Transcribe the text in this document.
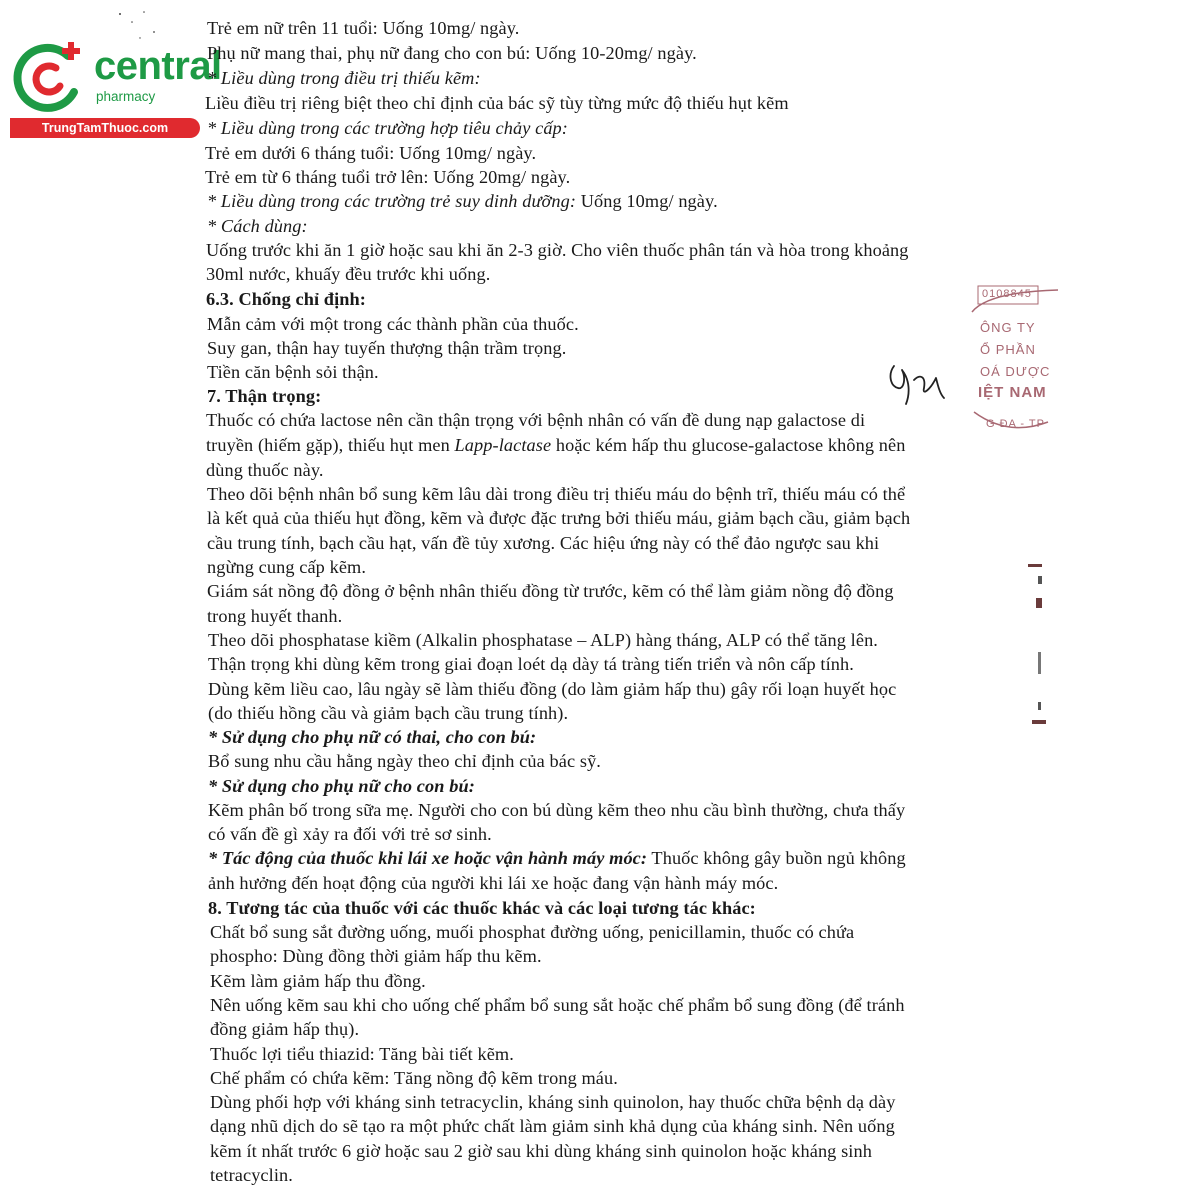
central
pharmacy
TrungTamThuoc.com
Trẻ em nữ trên 11 tuổi: Uống 10mg/ ngày.
Phụ nữ mang thai, phụ nữ đang cho con bú: Uống 10-20mg/ ngày.
* Liều dùng trong điều trị thiếu kẽm:
Liều điều trị riêng biệt theo chỉ định của bác sỹ tùy từng mức độ thiếu hụt kẽm
* Liều dùng trong các trường hợp tiêu chảy cấp:
Trẻ em dưới 6 tháng tuổi: Uống 10mg/ ngày.
Trẻ em từ 6 tháng tuổi trở lên: Uống 20mg/ ngày.
* Liều dùng trong các trường trẻ suy dinh dưỡng: Uống 10mg/ ngày.
* Cách dùng:
Uống trước khi ăn 1 giờ hoặc sau khi ăn 2-3 giờ. Cho viên thuốc phân tán và hòa trong khoảng
30ml nước, khuấy đều trước khi uống.
6.3. Chống chỉ định:
Mẫn cảm với một trong các thành phần của thuốc.
Suy gan, thận hay tuyến thượng thận trầm trọng.
Tiền căn bệnh sỏi thận.
7. Thận trọng:
Thuốc có chứa lactose nên cần thận trọng với bệnh nhân có vấn đề dung nạp galactose di
truyền (hiếm gặp), thiếu hụt men Lapp-lactase hoặc kém hấp thu glucose-galactose không nên
dùng thuốc này.
Theo dõi bệnh nhân bổ sung kẽm lâu dài trong điều trị thiếu máu do bệnh trĩ, thiếu máu có thể
là kết quả của thiếu hụt đồng, kẽm và được đặc trưng bởi thiếu máu, giảm bạch cầu, giảm bạch
cầu trung tính, bạch cầu hạt, vấn đề tủy xương. Các hiệu ứng này có thể đảo ngược sau khi
ngừng cung cấp kẽm.
Giám sát nồng độ đồng ở bệnh nhân thiếu đồng từ trước, kẽm có thể làm giảm nồng độ đồng
trong huyết thanh.
Theo dõi phosphatase kiềm (Alkalin phosphatase – ALP) hàng tháng, ALP có thể tăng lên.
Thận trọng khi dùng kẽm trong giai đoạn loét dạ dày tá tràng tiến triển và nôn cấp tính.
Dùng kẽm liều cao, lâu ngày sẽ làm thiếu đồng (do làm giảm hấp thu) gây rối loạn huyết học
(do thiếu hồng cầu và giảm bạch cầu trung tính).
* Sử dụng cho phụ nữ có thai, cho con bú:
Bổ sung nhu cầu hằng ngày theo chỉ định của bác sỹ.
* Sử dụng cho phụ nữ cho con bú:
Kẽm phân bố trong sữa mẹ. Người cho con bú dùng kẽm theo nhu cầu bình thường, chưa thấy
có vấn đề gì xảy ra đối với trẻ sơ sinh.
* Tác động của thuốc khi lái xe hoặc vận hành máy móc: Thuốc không gây buồn ngủ không
ảnh hưởng đến hoạt động của người khi lái xe hoặc đang vận hành máy móc.
8. Tương tác của thuốc với các thuốc khác và các loại tương tác khác:
Chất bổ sung sắt đường uống, muối phosphat đường uống, penicillamin, thuốc có chứa
phospho: Dùng đồng thời giảm hấp thu kẽm.
Kẽm làm giảm hấp thu đồng.
Nên uống kẽm sau khi cho uống chế phẩm bổ sung sắt hoặc chế phẩm bổ sung đồng (để tránh
đồng giảm hấp thụ).
Thuốc lợi tiểu thiazid: Tăng bài tiết kẽm.
Chế phẩm có chứa kẽm: Tăng nồng độ kẽm trong máu.
Dùng phối hợp với kháng sinh tetracyclin, kháng sinh quinolon, hay thuốc chữa bệnh dạ dày
dạng nhũ dịch do sẽ tạo ra một phức chất làm giảm sinh khả dụng của kháng sinh. Nên uống
kẽm ít nhất trước 6 giờ hoặc sau 2 giờ sau khi dùng kháng sinh quinolon hoặc kháng sinh
tetracyclin.
0108845
ÔNG TY
Ổ PHẦN
OÁ DƯỢC
IỆT NAM
G ĐA - TP
